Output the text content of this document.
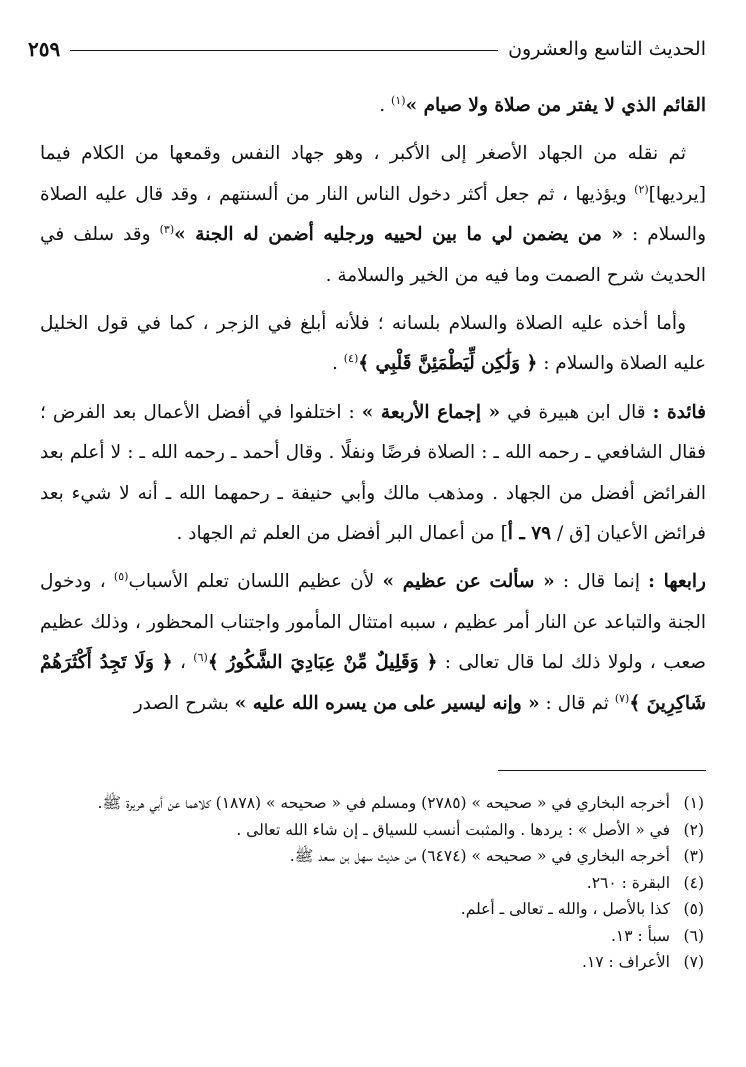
الحديث التاسع والعشرون
٢٥٩

القائم الذي لا يفتر من صلاة ولا صيام »$^{(١)}$ .

ثم نقله من الجهاد الأصغر إلى الأكبر ، وهو جهاد النفس وقمعها من الكلام فيما [يرديها]$^{(٢)}$ ويؤذيها ، ثم جعل أكثر دخول الناس النار من ألسنتهم ، وقد قال عليه الصلاة والسلام : « من يضمن لي ما بين لحييه ورجليه أضمن له الجنة »$^{(٣)}$ وقد سلف في الحديث شرح الصمت وما فيه من الخير والسلامة .

وأما أخذه عليه الصلاة والسلام بلسانه ؛ فلأنه أبلغ في الزجر ، كما في قول الخليل عليه الصلاة والسلام : ﴿ وَلَٰكِن لِّيَطْمَئِنَّ قَلْبِي ﴾$^{(٤)}$ .

فائدة : قال ابن هبيرة في « إجماع الأربعة » : اختلفوا في أفضل الأعمال بعد الفرض ؛ فقال الشافعي ـ رحمه الله ـ : الصلاة فرضًا ونفلًا . وقال أحمد ـ رحمه الله ـ : لا أعلم بعد الفرائض أفضل من الجهاد . ومذهب مالك وأبي حنيفة ـ رحمهما الله ـ أنه لا شيء بعد فرائض الأعيان [ق / ٧٩ ـ أ] من أعمال البر أفضل من العلم ثم الجهاد .

رابعها : إنما قال : « سألت عن عظيم » لأن عظيم اللسان تعلم الأسباب$^{(٥)}$ ، ودخول الجنة والتباعد عن النار أمر عظيم ، سببه امتثال المأمور واجتناب المحظور ، وذلك عظيم صعب ، ولولا ذلك لما قال تعالى : ﴿ وَقَلِيلٌ مِّنْ عِبَادِيَ الشَّكُورُ ﴾$^{(٦)}$ ، ﴿ وَلَا تَجِدُ أَكْثَرَهُمْ شَاكِرِينَ ﴾$^{(٧)}$ ثم قال : « وإنه ليسير على من يسره الله عليه » بشرح الصدر

(١)أخرجه البخاري في « صحيحه » (٢٧٨٥) ومسلم في « صحيحه » (١٨٧٨) كلاهما عن أبي هريرة ﷺ.

(٢)في « الأصل » : يردها . والمثبت أنسب للسياق ـ إن شاء الله تعالى .

(٣)أخرجه البخاري في « صحيحه » (٦٤٧٤) من حديث سهل بن سعد ﷺ.

(٤)البقرة : ٢٦٠.

(٥)كذا بالأصل ، والله ـ تعالى ـ أعلم.

(٦)سبأ : ١٣.

(٧)الأعراف : ١٧.
